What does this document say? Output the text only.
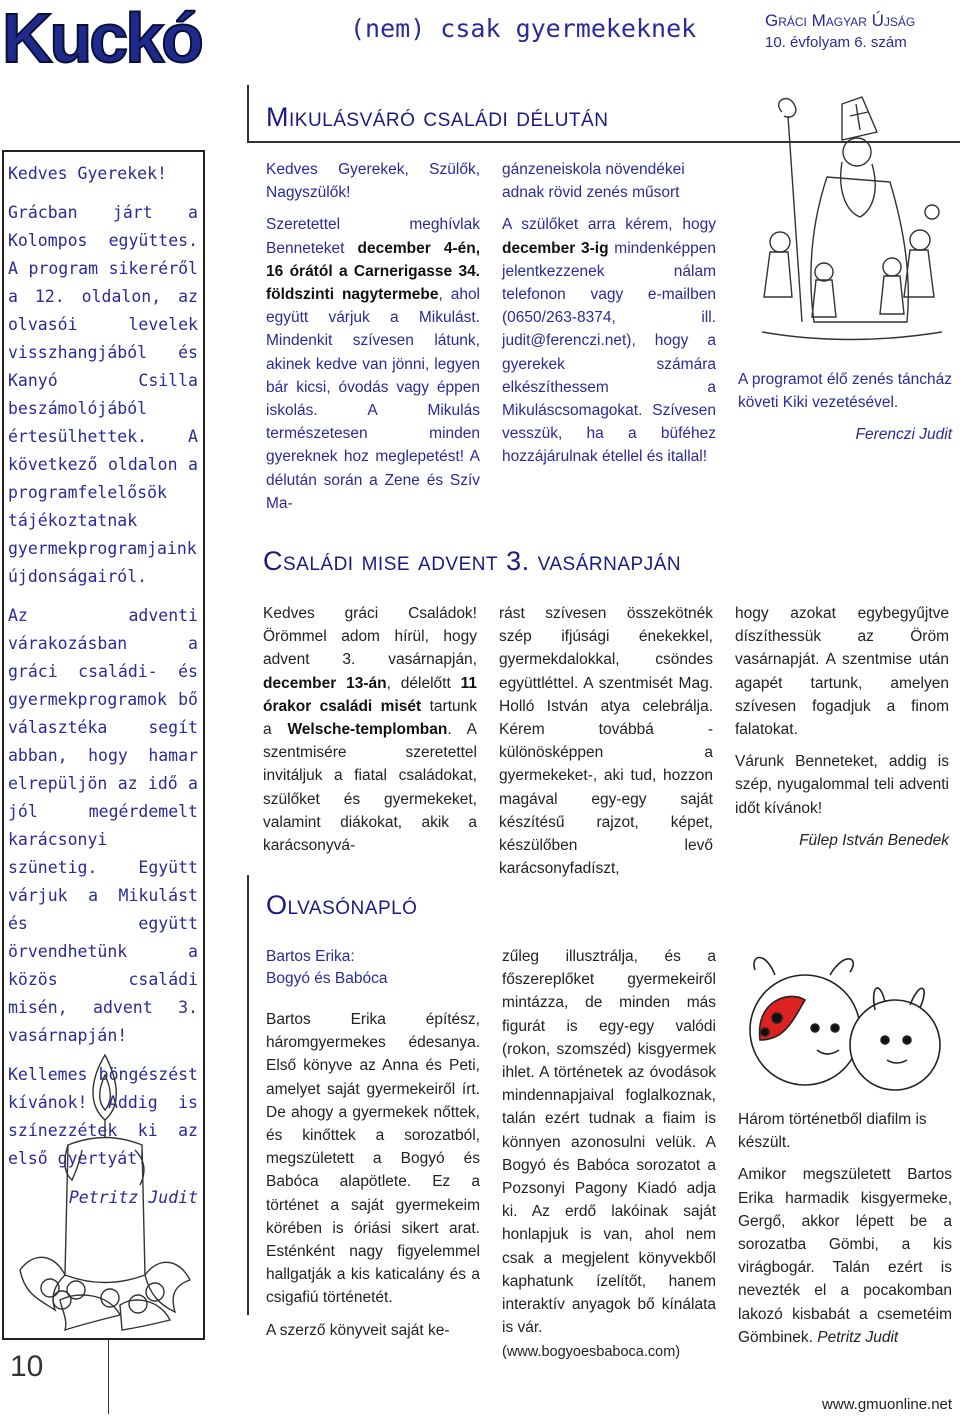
Kuckó	(nem) csak gyermekeknek	Gráci Magyar Újság
10. évfolyam 6. szám

Kedves Gyerekek!

Grácban járt a Kolompos együttes. A program sikeréről a 12. oldalon, az olvasói levelek visszhangjából és Kanyó Csilla beszámolójából értesülhettek. A következő oldalon a programfelelősök tájékoztatnak gyermekprogramjaink újdonságairól.

Az adventi várakozásban a gráci családi- és gyermekprogramok bő választéka segít abban, hogy hamar elrepüljön az idő a jól megérdemelt karácsonyi szünetig. Együtt várjuk a Mikulást és együtt örvendhetünk a közös családi misén, advent 3. vasárnapján!

Kellemes böngészést kívánok! Addig is színezzétek ki az első gyertyát!

Petritz Judit

10
Mikulásváró családi délután

Kedves Gyerekek, Szülők, Nagyszülők!

Szeretettel meghívlak Benneteket december 4-én, 16 órától a Carnerigasse 34. földszinti nagytermebe, ahol együtt várjuk a Mikulást. Mindenkit szívesen látunk, akinek kedve van jönni, legyen bár kicsi, óvodás vagy éppen iskolás. A Mikulás természetesen minden gyereknek hoz meglepetést! A délután során a Zene és Szív Ma-

gánzeneiskola növendékei adnak rövid zenés műsort

A szülőket arra kérem, hogy december 3-ig mindenképpen jelentkezzenek nálam telefonon vagy e-mailben (0650/263-8374, ill. judit@ferenczi.net), hogy a gyerekek számára elkészíthessem a Mikuláscsomagokat. Szívesen vesszük, ha a büféhez hozzájárulnak étellel és itallal!

A programot élő zenés táncház követi Kiki vezetésével.

Ferenczi Judit

Családi mise advent 3. vasárnapján

Kedves gráci Családok! Örömmel adom hírül, hogy advent 3. vasárnapján, december 13-án, délelőtt 11 órakor családi misét tartunk a Welsche-templomban. A szentmisére szeretettel invitáljuk a fiatal családokat, szülőket és gyermekeket, valamint diákokat, akik a karácsonyvá-

rást szívesen összekötnék szép ifjúsági énekekkel, gyermekdalokkal, csöndes együttléttel. A szentmisét Mag. Holló István atya celebrálja. Kérem továbbá -különösképpen a gyermekeket-, aki tud, hozzon magával egy-egy saját készítésű rajzot, képet, készülőben levő karácsonyfadíszt,

hogy azokat egybegyűjtve díszíthessük az Öröm vasárnapját. A szentmise után agapét tartunk, amelyen szívesen fogadjuk a finom falatokat.

Várunk Benneteket, addig is szép, nyugalommal teli adventi időt kívánok!

Fülep István Benedek

Olvasónapló
Bartos Erika:
Bogyó és Babóca

Bartos Erika építész, háromgyermekes édesanya. Első könyve az Anna és Peti, amelyet saját gyermekeiről írt. De ahogy a gyermekek nőttek, és kinőttek a sorozatból, megszületett a Bogyó és Babóca alapötlete. Ez a történet a saját gyermekeim körében is óriási sikert arat. Esténként nagy figyelemmel hallgatják a kis katicalány és a csigafiú történetét.

A szerző könyveit saját ke-

zűleg illusztrálja, és a főszereplőket gyermekeiről mintázza, de minden más figurát is egy-egy valódi (rokon, szomszéd) kisgyermek ihlet. A történetek az óvodások mindennapjaival foglalkoznak, talán ezért tudnak a fiaim is könnyen azonosulni velük. A Bogyó és Babóca sorozatot a Pozsonyi Pagony Kiadó adja ki. Az erdő lakóinak saját honlapjuk is van, ahol nem csak a megjelent könyvekből kaphatunk ízelítőt, hanem interaktív anyagok bő kínálata is vár.

(www.bogyoesbaboca.com)

Három történetből diafilm is készült.

Amikor megszületett Bartos Erika harmadik kisgyermeke, Gergő, akkor lépett be a sorozatba Gömbi, a kis virágbogár. Talán ezért is nevezték el a pocakomban lakozó kisbabát a csemetéim Gömbinek. Petritz Judit

www.gmuonline.net
